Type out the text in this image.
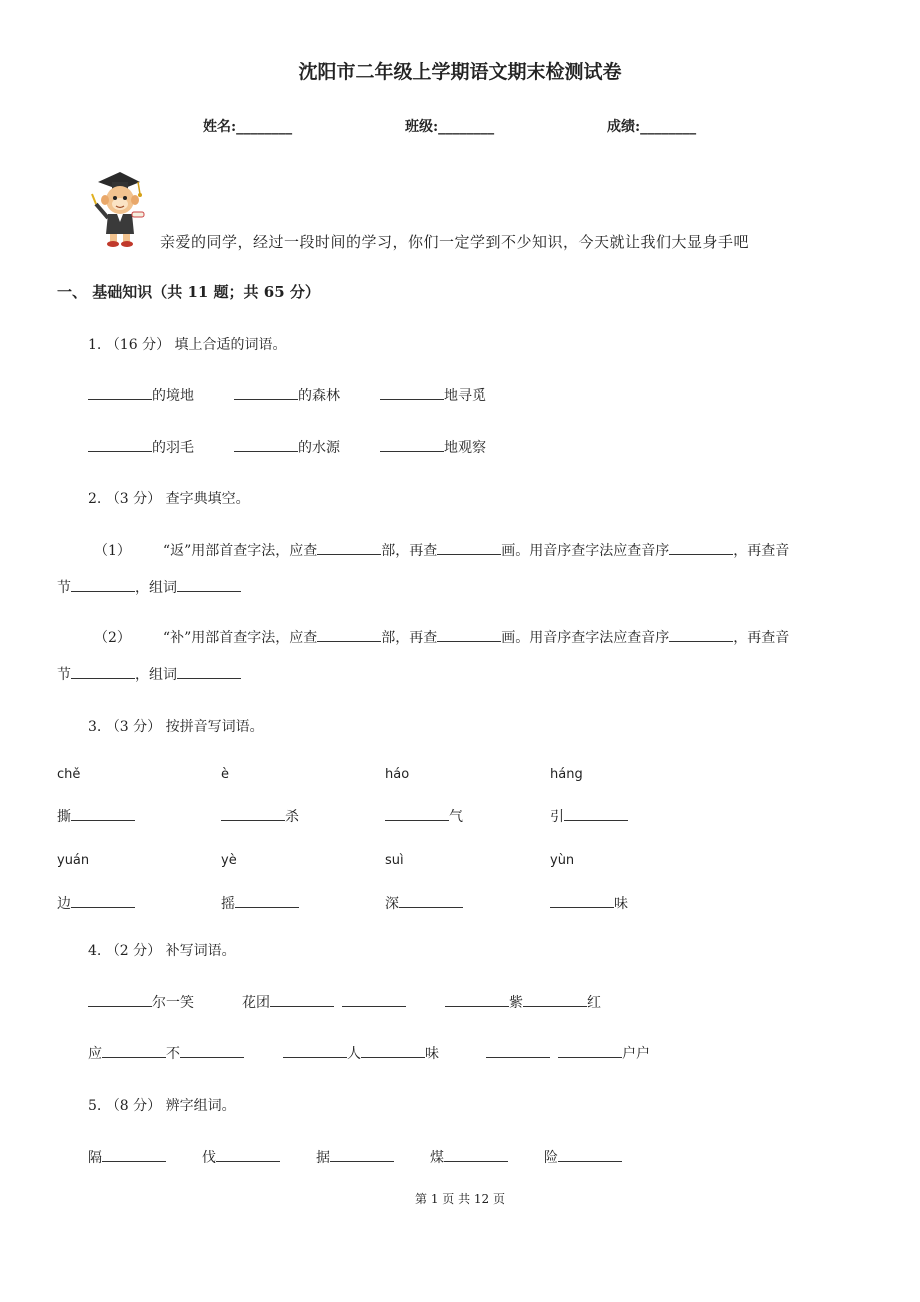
沈阳市二年级上学期语文期末检测试卷
姓名:________	班级:________	成绩:________
亲爱的同学，经过一段时间的学习，你们一定学到不少知识，今天就让我们大显身手吧
一、 基础知识（共 11 题；共 65 分）
1. （16 分） 填上合适的词语。
的境地	的森林	地寻觅
的羽毛	的水源	地观察
2. （3 分） 查字典填空。
（1） “返”用部首查字法，应查	部，再查	画。用音序查字法应查音序	，再查音
节	，组词
（2） “补”用部首查字法，应查	部，再查	画。用音序查字法应查音序	，再查音
节	，组词
3. （3 分） 按拼音写词语。
chě	è	háo	háng
撕	杀	气	引
yuán	yè	suì	yùn
边	摇	深	味
4. （2 分） 补写词语。
尔一笑	花团	紫	红
应	不	人	味	户户
5. （8 分） 辨字组词。
隔	伐	据	煤	险
第 1 页 共 12 页
